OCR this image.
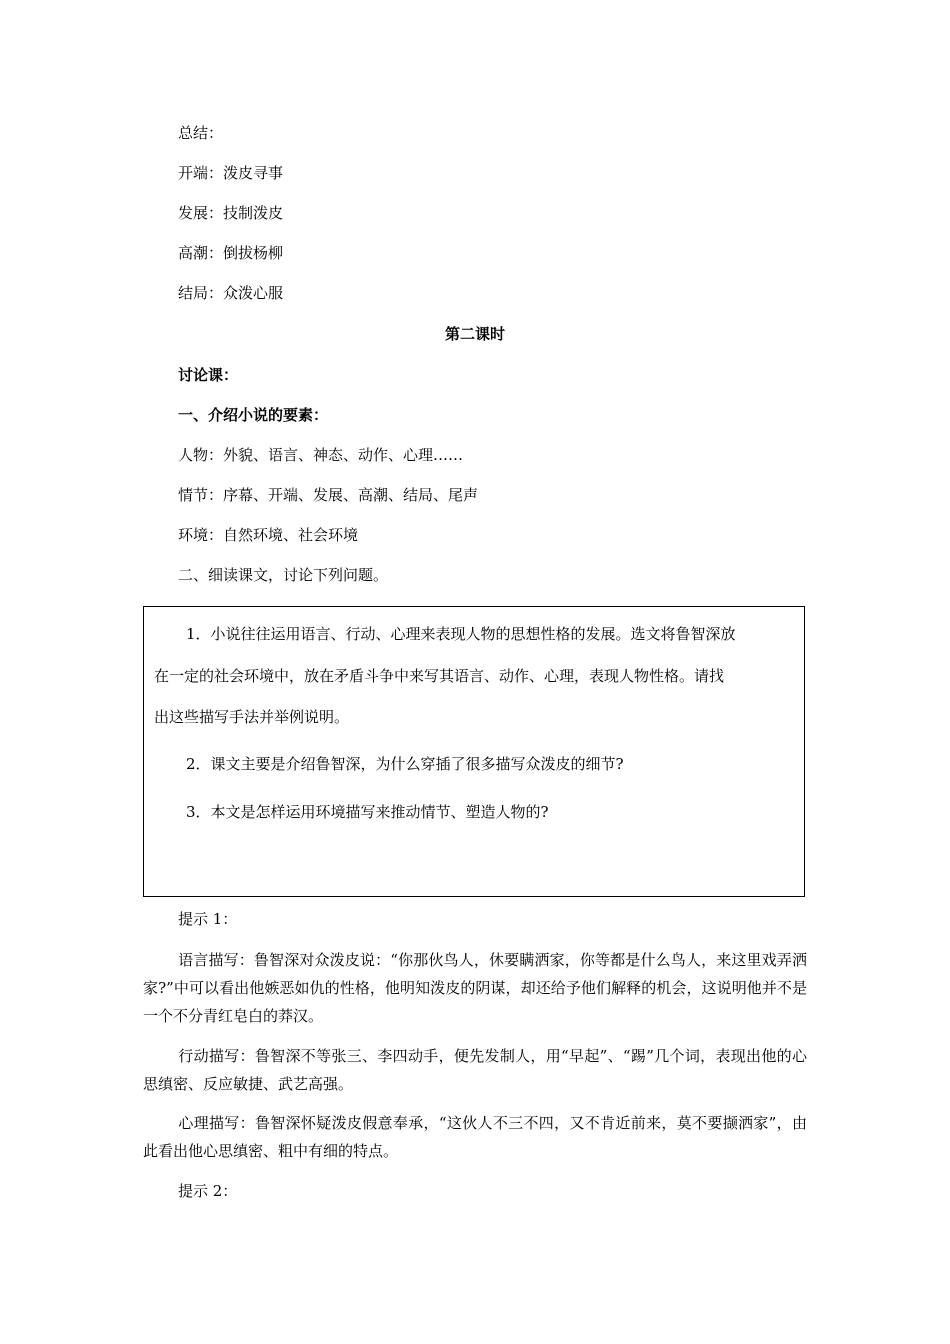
总结：
开端：泼皮寻事
发展：技制泼皮
高潮：倒拔杨柳
结局：众泼心服
第二课时
讨论课：
一、介绍小说的要素：
人物：外貌、语言、神态、动作、心理……
情节：序幕、开端、发展、高潮、结局、尾声
环境：自然环境、社会环境
二、细读课文，讨论下列问题。
1．小说往往运用语言、行动、心理来表现人物的思想性格的发展。选文将鲁智深放
在一定的社会环境中，放在矛盾斗争中来写其语言、动作、心理，表现人物性格。请找
出这些描写手法并举例说明。
2．课文主要是介绍鲁智深，为什么穿插了很多描写众泼皮的细节?
3．本文是怎样运用环境描写来推动情节、塑造人物的?
提示 1：
语言描写：鲁智深对众泼皮说：“你那伙鸟人，休要瞒洒家，你等都是什么鸟人，来这里戏弄洒家?”中可以看出他嫉恶如仇的性格，他明知泼皮的阴谋，却还给予他们解释的机会，这说明他并不是一个不分青红皂白的莽汉。
行动描写：鲁智深不等张三、李四动手，便先发制人，用“早起”、“踢”几个词，表现出他的心思缜密、反应敏捷、武艺高强。
心理描写：鲁智深怀疑泼皮假意奉承，“这伙人不三不四，又不肯近前来，莫不要撷洒家”，由此看出他心思缜密、粗中有细的特点。
提示 2：
